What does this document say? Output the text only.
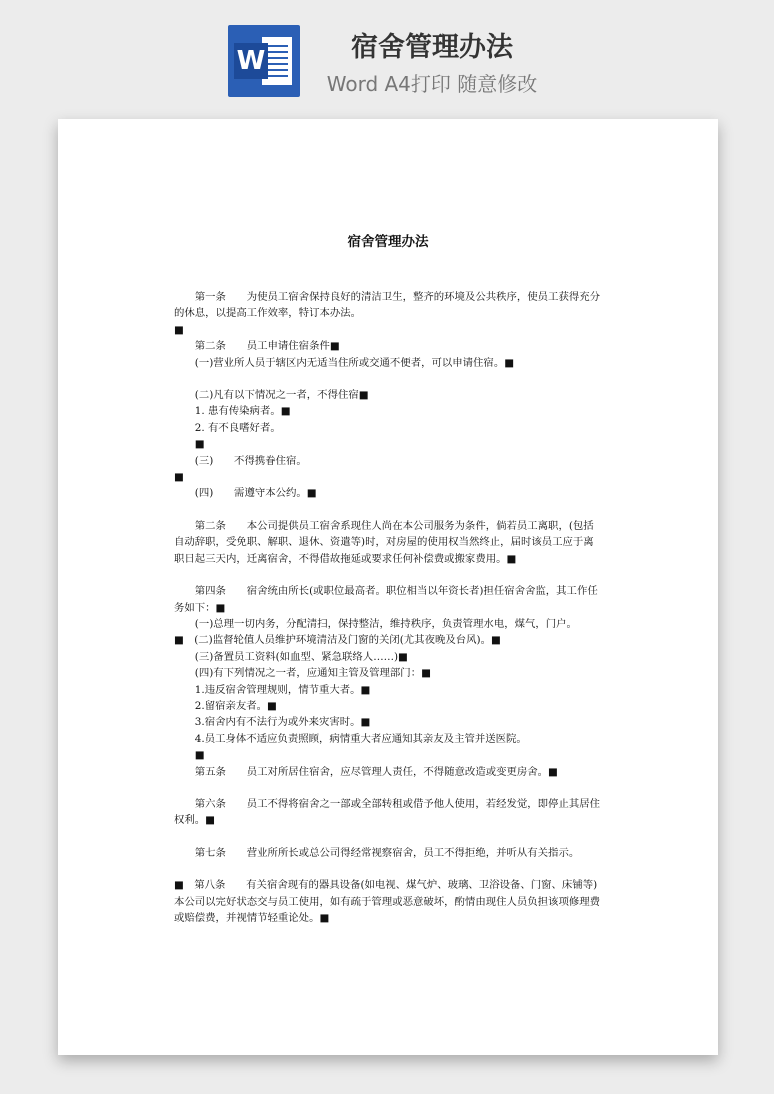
W	宿舍管理办法
Word A4打印 随意修改
宿舍管理办法

　　第一条　　为使员工宿舍保持良好的清洁卫生，整齐的环境及公共秩序，使员工获得充分的休息，以提高工作效率，特订本办法。

■

　　第二条　　员工申请住宿条件■

　　(一)营业所人员于辖区内无适当住所或交通不便者，可以申请住宿。■

　　(二)凡有以下情况之一者，不得住宿■

　　1. 患有传染病者。■

　　2. 有不良嗜好者。

　　■

　　(三)　　不得携眷住宿。

■

　　(四)　　需遵守本公约。■

　　第二条　　本公司提供员工宿舍系现住人尚在本公司服务为条件，倘若员工离职，(包括自动辞职，受免职、解职、退休、资遣等)时，对房屋的使用权当然终止，届时该员工应于离职日起三天内，迁离宿舍，不得借故拖延或要求任何补偿费或搬家费用。■

　　第四条　　宿舍统由所长(或职位最高者。职位相当以年资长者)担任宿舍舍监，其工作任务如下：■

　　(一)总理一切内务，分配清扫，保持整洁，维持秩序，负责管理水电，煤气，门户。

■　(二)监督轮值人员维护环境清洁及门窗的关闭(尤其夜晚及台风)。■

　　(三)备置员工资料(如血型、紧急联络人……)■

　　(四)有下列情况之一者，应通知主管及管理部门：■

　　1.违反宿舍管理规则，情节重大者。■

　　2.留宿亲友者。■

　　3.宿舍内有不法行为或外来灾害时。■

　　4.员工身体不适应负责照顾，病情重大者应通知其亲友及主管并送医院。

　　■

　　第五条　　员工对所居住宿舍，应尽管理人责任，不得随意改造或变更房舍。■

　　第六条　　员工不得将宿舍之一部或全部转租或借予他人使用，若经发觉，即停止其居住权利。■

　　第七条　　营业所所长或总公司得经常视察宿舍，员工不得拒绝，并听从有关指示。

■　第八条　　有关宿舍现有的器具设备(如电视、煤气炉、玻璃、卫浴设备、门窗、床铺等)本公司以完好状态交与员工使用，如有疏于管理或恶意破坏，酌情由现住人员负担该项修理费或赔偿费，并视情节轻重论处。■
